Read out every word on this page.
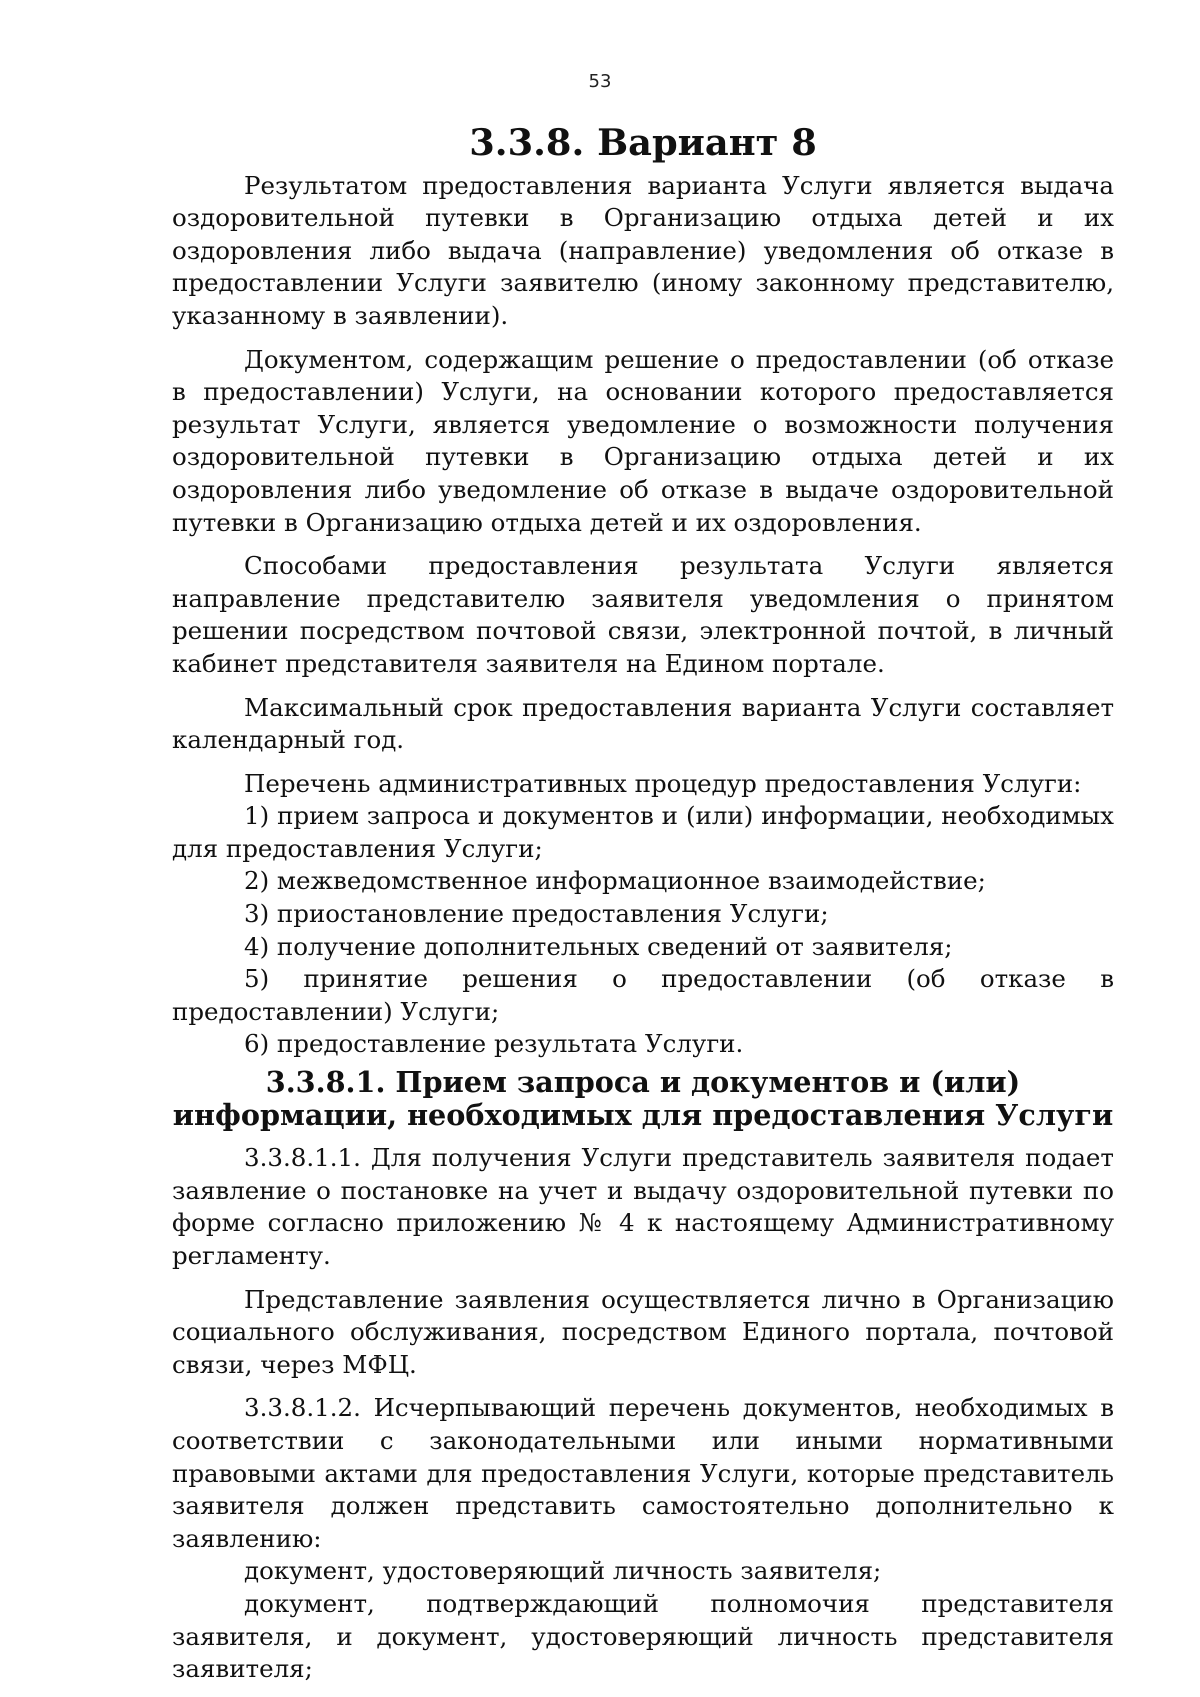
53
3.3.8. Вариант 8

Результатом предоставления варианта Услуги является выдача оздоровительной путевки в Организацию отдыха детей и их оздоровления либо выдача (направление) уведомления об отказе в предоставлении Услуги заявителю (иному законному представителю, указанному в заявлении).

Документом, содержащим решение о предоставлении (об отказе в предоставлении) Услуги, на основании которого предоставляется результат Услуги, является уведомление о возможности получения оздоровительной путевки в Организацию отдыха детей и их оздоровления либо уведомление об отказе в выдаче оздоровительной путевки в Организацию отдыха детей и их оздоровления.

Способами предоставления результата Услуги является направление представителю заявителя уведомления о принятом решении посредством почтовой связи, электронной почтой, в личный кабинет представителя заявителя на Едином портале.

Максимальный срок предоставления варианта Услуги составляет календарный год.

Перечень административных процедур предоставления Услуги:

1) прием запроса и документов и (или) информации, необходимых для предоставления Услуги;

2) межведомственное информационное взаимодействие;

3) приостановление предоставления Услуги;

4) получение дополнительных сведений от заявителя;

5) принятие решения о предоставлении (об отказе в предоставлении) Услуги;

6) предоставление результата Услуги.

3.3.8.1. Прием запроса и документов и (или) информации, необходимых для предоставления Услуги

3.3.8.1.1. Для получения Услуги представитель заявителя подает заявление о постановке на учет и выдачу оздоровительной путевки по форме согласно приложению № 4 к настоящему Административному регламенту.

Представление заявления осуществляется лично в Организацию социального обслуживания, посредством Единого портала, почтовой связи, через МФЦ.

3.3.8.1.2. Исчерпывающий перечень документов, необходимых в соответствии с законодательными или иными нормативными правовыми актами для предоставления Услуги, которые представитель заявителя должен представить самостоятельно дополнительно к заявлению:

документ, удостоверяющий личность заявителя;

документ, подтверждающий полномочия представителя заявителя, и документ, удостоверяющий личность представителя заявителя;
